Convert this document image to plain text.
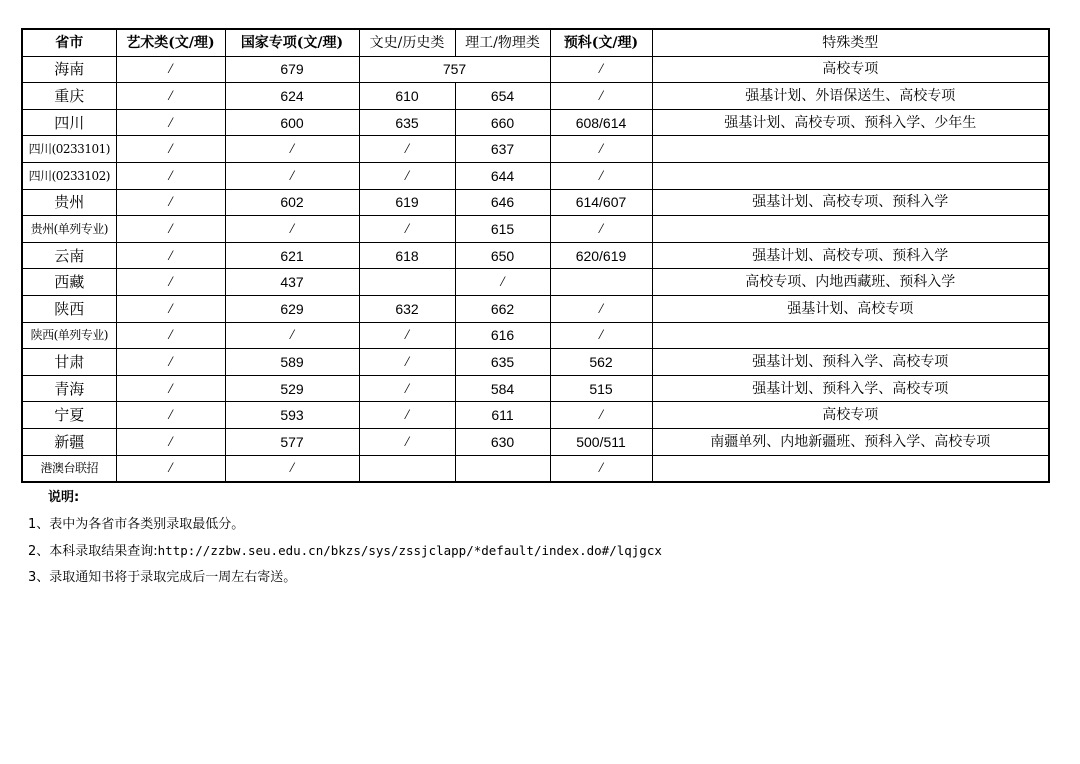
省市	艺术类(文/理)	国家专项(文/理)	文史/历史类	理工/物理类	预科(文/理)	特殊类型
海南	/	679	757		/	高校专项
重庆	/	624	610	654	/	强基计划、外语保送生、高校专项
四川	/	600	635	660	608/614	强基计划、高校专项、预科入学、少年生
四川(0233101)	/	/	/	637	/	
四川(0233102)	/	/	/	644	/	
贵州	/	602	619	646	614/607	强基计划、高校专项、预科入学
贵州(单列专业)	/	/	/	615	/	
云南	/	621	618	650	620/619	强基计划、高校专项、预科入学
西藏	/	437		/		高校专项、内地西藏班、预科入学
陕西	/	629	632	662	/	强基计划、高校专项
陕西(单列专业)	/	/	/	616	/	
甘肃	/	589	/	635	562	强基计划、预科入学、高校专项
青海	/	529	/	584	515	强基计划、预科入学、高校专项
宁夏	/	593	/	611	/	高校专项
新疆	/	577	/	630	500/511	南疆单列、内地新疆班、预科入学、高校专项
港澳台联招	/	/			/	
说明:
1、表中为各省市各类别录取最低分。
2、本科录取结果查询:http://zzbw.seu.edu.cn/bkzs/sys/zssjclapp/*default/index.do#/lqjgcx
3、录取通知书将于录取完成后一周左右寄送。
